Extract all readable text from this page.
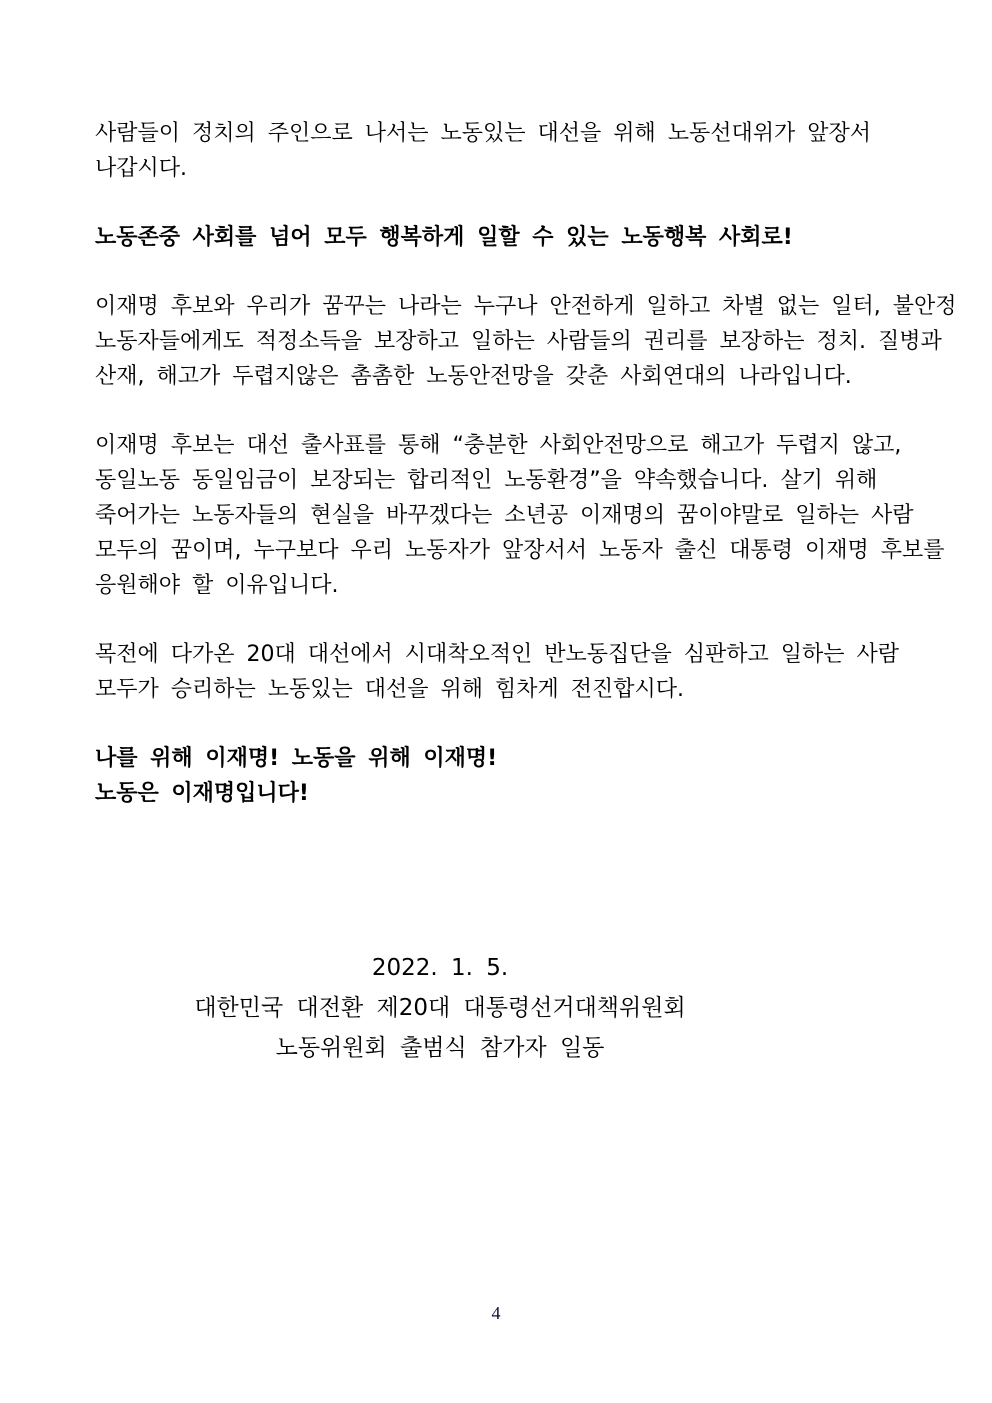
사람들이 정치의 주인으로 나서는 노동있는 대선을 위해 노동선대위가 앞장서
나갑시다.
노동존중 사회를 넘어 모두 행복하게 일할 수 있는 노동행복 사회로!
이재명 후보와 우리가 꿈꾸는 나라는 누구나 안전하게 일하고 차별 없는 일터, 불안정
노동자들에게도 적정소득을 보장하고 일하는 사람들의 권리를 보장하는 정치. 질병과
산재, 해고가 두렵지않은 촘촘한 노동안전망을 갖춘 사회연대의 나라입니다.
이재명 후보는 대선 출사표를 통해 “충분한 사회안전망으로 해고가 두렵지 않고,
동일노동 동일임금이 보장되는 합리적인 노동환경”을 약속했습니다. 살기 위해
죽어가는 노동자들의 현실을 바꾸겠다는 소년공 이재명의 꿈이야말로 일하는 사람
모두의 꿈이며, 누구보다 우리 노동자가 앞장서서 노동자 출신 대통령 이재명 후보를
응원해야 할 이유입니다.
목전에 다가온 20대 대선에서 시대착오적인 반노동집단을 심판하고 일하는 사람
모두가 승리하는 노동있는 대선을 위해 힘차게 전진합시다.
나를 위해 이재명! 노동을 위해 이재명!
노동은 이재명입니다!
2022. 1. 5.
대한민국 대전환 제20대 대통령선거대책위원회
노동위원회 출범식 참가자 일동
4
